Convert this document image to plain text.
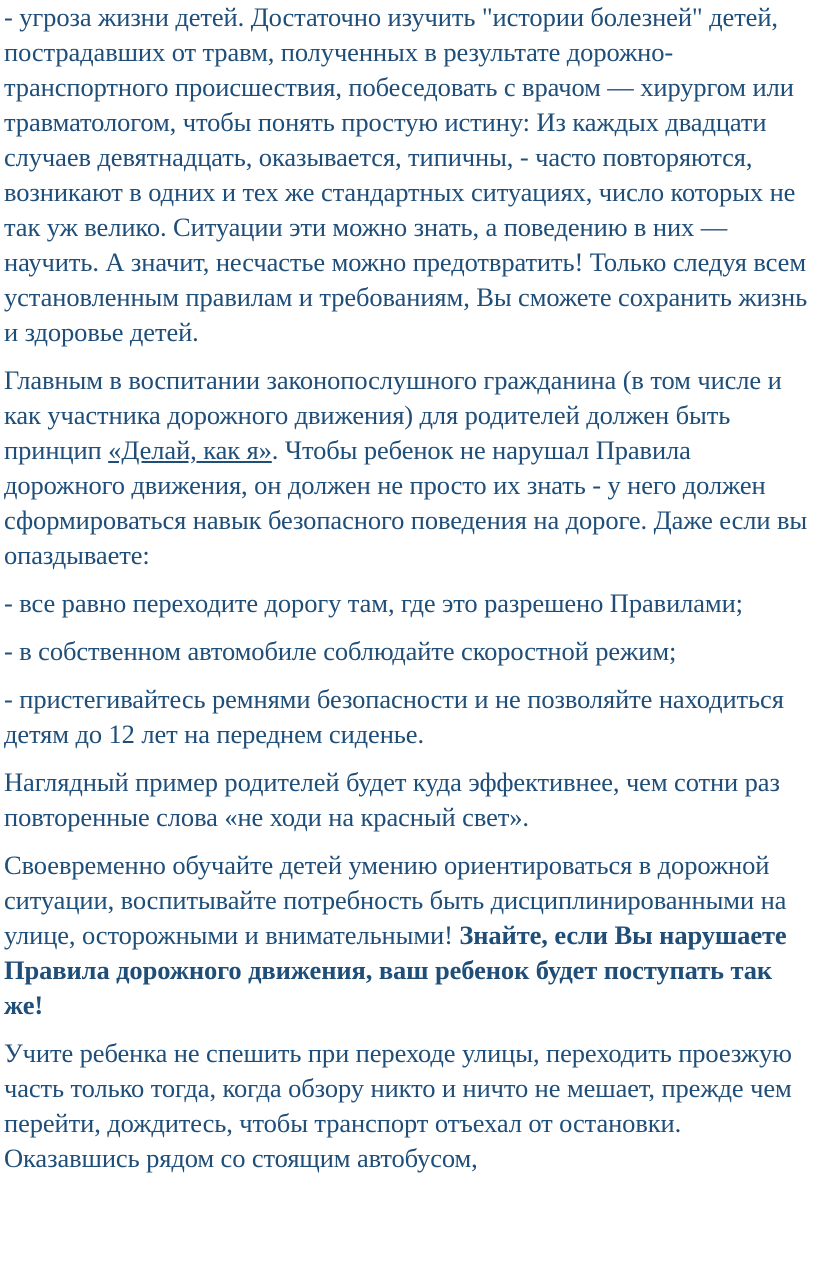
- угроза жизни детей. Достаточно изучить "истории болезней" детей, пострадавших от травм, полученных в результате дорожно-транспортного происшествия, побеседовать с врачом — хирургом или травматологом, чтобы понять простую истину: Из каждых двадцати случаев девятнадцать, оказывается, типичны, - часто повторяются, возникают в одних и тех же стандартных ситуациях, число которых не так уж велико. Ситуации эти можно знать, а поведению в них — научить. А значит, несчастье можно предотвратить! Только следуя всем установленным правилам и требованиям, Вы сможете сохранить жизнь и здоровье детей.

Главным в воспитании законопослушного гражданина (в том числе и как участника дорожного движения) для родителей должен быть принцип «Делай, как я». Чтобы ребенок не нарушал Правила дорожного движения, он должен не просто их знать - у него должен сформироваться навык безопасного поведения на дороге. Даже если вы опаздываете:

- все равно переходите дорогу там, где это разрешено Правилами;

- в собственном автомобиле соблюдайте скоростной режим;

- пристегивайтесь ремнями безопасности и не позволяйте находиться детям до 12 лет на переднем сиденье.

Наглядный пример родителей будет куда эффективнее, чем сотни раз повторенные слова «не ходи на красный свет».

Своевременно обучайте детей умению ориентироваться в дорожной ситуации, воспитывайте потребность быть дисциплинированными на улице, осторожными и внимательными! Знайте, если Вы нарушаете Правила дорожного движения, ваш ребенок будет поступать так же!

Учите ребенка не спешить при переходе улицы, переходить проезжую часть только тогда, когда обзору никто и ничто не мешает, прежде чем перейти, дождитесь, чтобы транспорт отъехал от остановки. Оказавшись рядом со стоящим автобусом,
